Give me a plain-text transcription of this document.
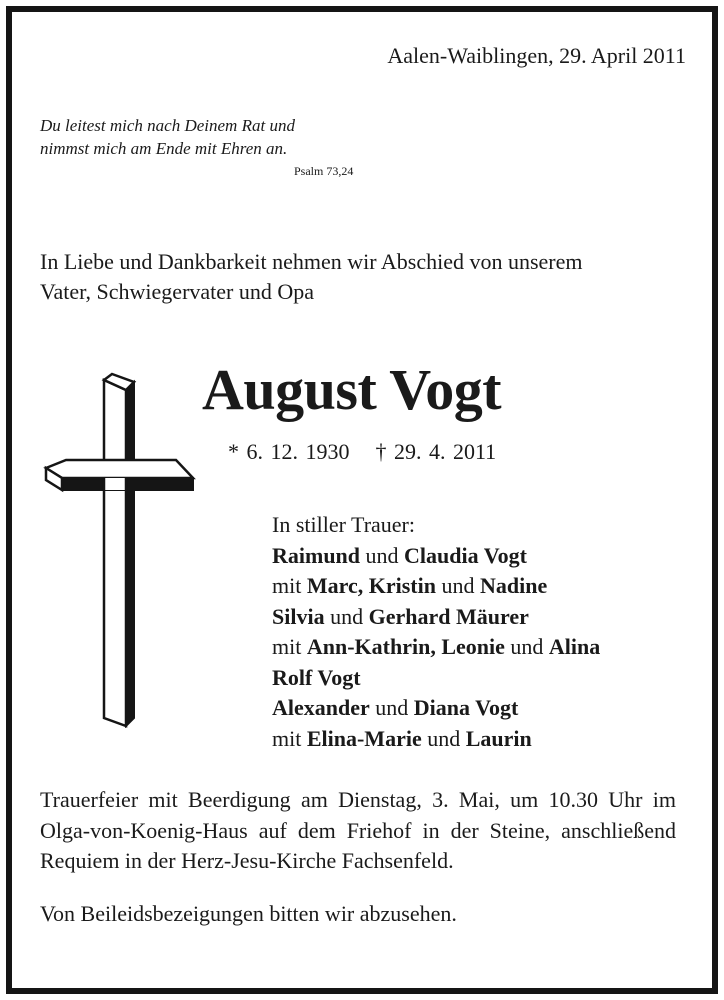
Aalen-Waiblingen, 29. April 2011
Du leitest mich nach Deinem Rat und
nimmst mich am Ende mit Ehren an.
Psalm 73,24
In Liebe und Dankbarkeit nehmen wir Abschied von unserem
Vater, Schwiegervater und Opa
August Vogt
* 6. 12. 1930 † 29. 4. 2011
In stiller Trauer:
Raimund und Claudia Vogt
mit Marc, Kristin und Nadine
Silvia und Gerhard Mäurer
mit Ann-Kathrin, Leonie und Alina
Rolf Vogt
Alexander und Diana Vogt
mit Elina-Marie und Laurin
Trauerfeier mit Beerdigung am Dienstag, 3. Mai, um 10.30 Uhr im Olga-von-Koenig-Haus auf dem Friehof in der Steine, anschließend Requiem in der Herz-Jesu-Kirche Fachsenfeld.
Von Beileidsbezeigungen bitten wir abzusehen.
